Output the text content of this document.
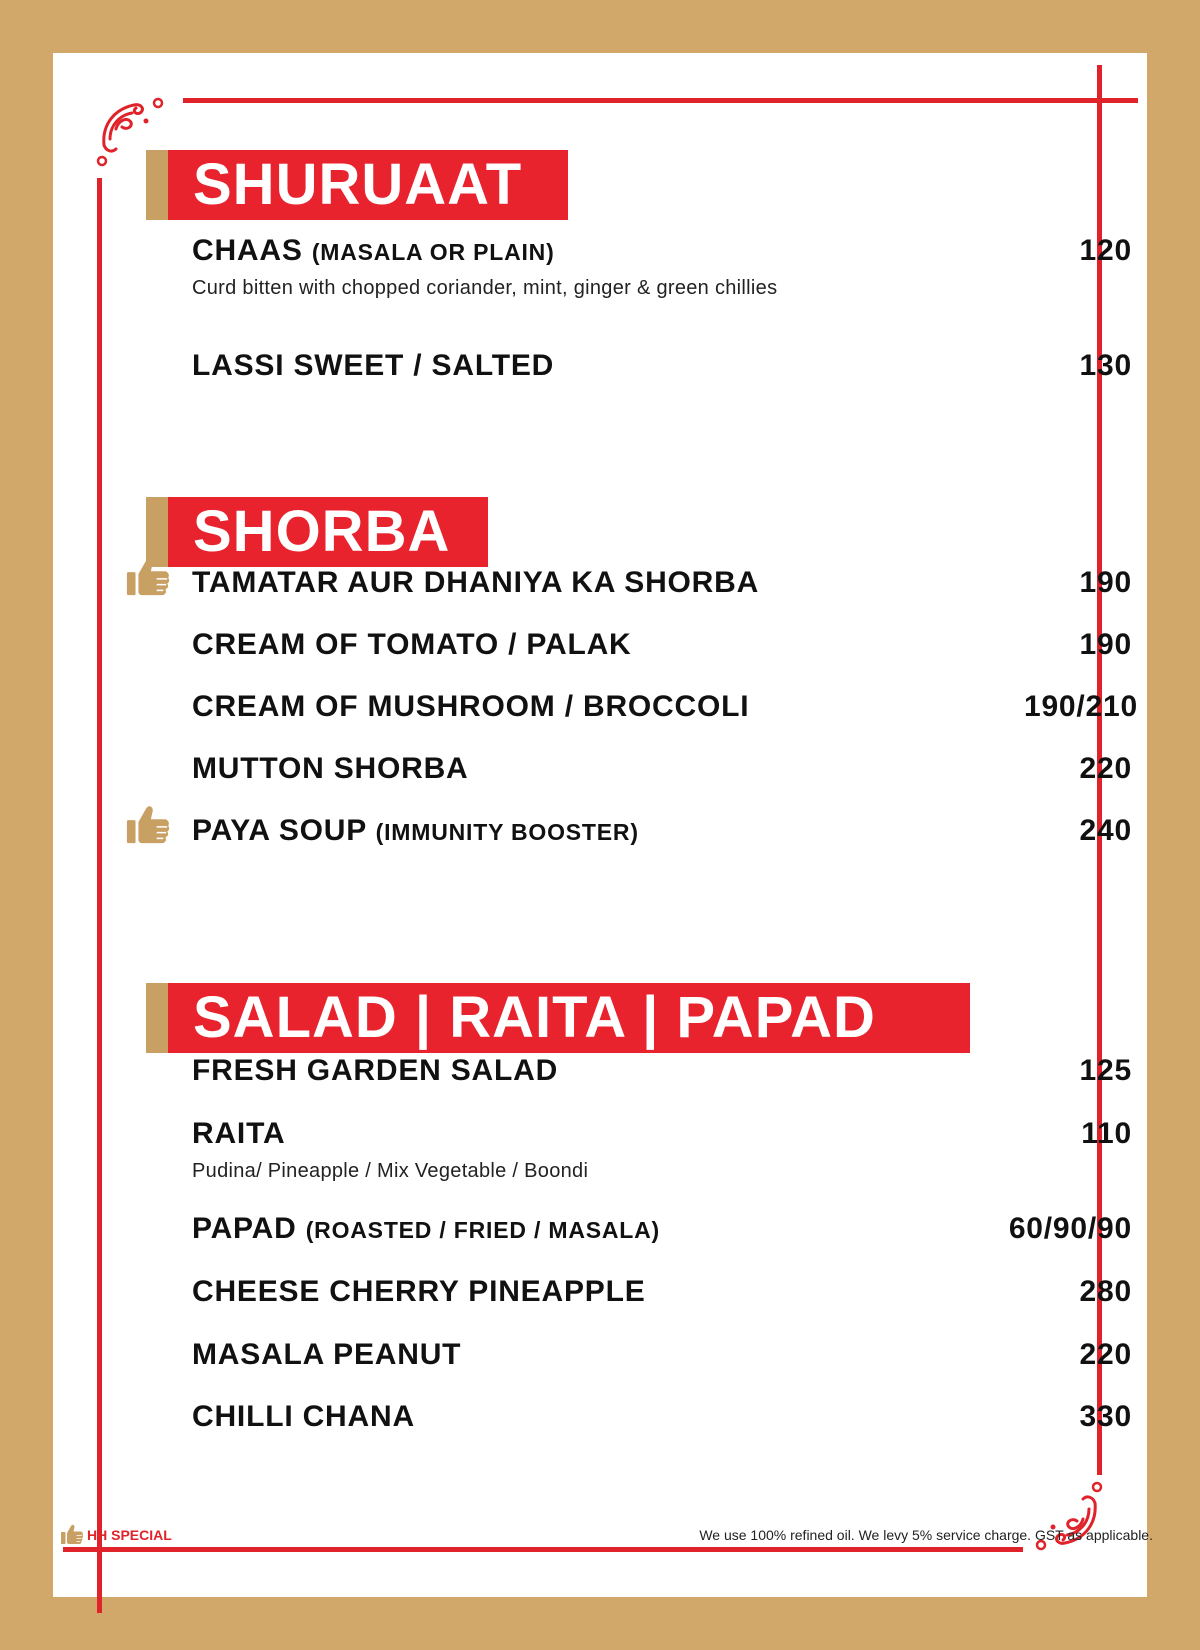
SHURUAAT
CHAAS (MASALA OR PLAIN)	120
Curd bitten with chopped coriander, mint, ginger & green chillies
LASSI SWEET / SALTED	130
SHORBA
TAMATAR AUR DHANIYA KA SHORBA	190
CREAM OF TOMATO / PALAK	190
CREAM OF MUSHROOM / BROCCOLI	190/210
MUTTON SHORBA	220
PAYA SOUP (IMMUNITY BOOSTER)	240
SALAD | RAITA | PAPAD
FRESH GARDEN SALAD	125
RAITA	110
Pudina/ Pineapple / Mix Vegetable / Boondi
PAPAD (ROASTED / FRIED / MASALA)	60/90/90
CHEESE CHERRY PINEAPPLE	280
MASALA PEANUT	220
CHILLI CHANA	330
HH SPECIAL	We use 100% refined oil. We levy 5% service charge. GST as applicable.
